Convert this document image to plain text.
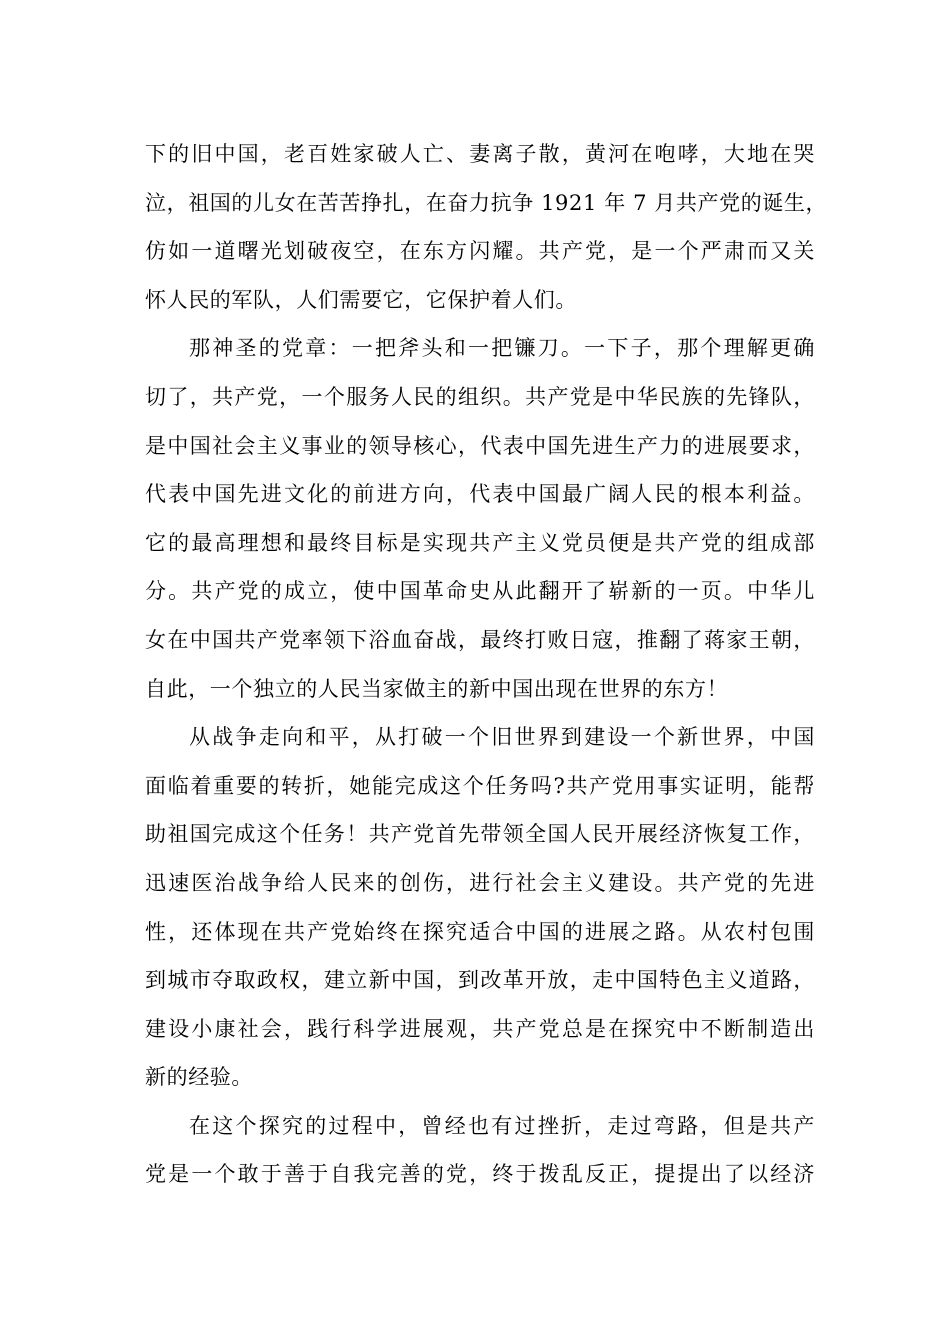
下的旧中国，老百姓家破人亡、妻离子散，黄河在咆哮，大地在哭
泣，祖国的儿女在苦苦挣扎，在奋力抗争 1921 年 7 月共产党的诞生，
仿如一道曙光划破夜空，在东方闪耀。共产党，是一个严肃而又关
怀人民的军队，人们需要它，它保护着人们。
那神圣的党章：一把斧头和一把镰刀。一下子，那个理解更确
切了，共产党，一个服务人民的组织。共产党是中华民族的先锋队，
是中国社会主义事业的领导核心，代表中国先进生产力的进展要求，
代表中国先进文化的前进方向，代表中国最广阔人民的根本利益。
它的最高理想和最终目标是实现共产主义党员便是共产党的组成部
分。共产党的成立，使中国革命史从此翻开了崭新的一页。中华儿
女在中国共产党率领下浴血奋战，最终打败日寇，推翻了蒋家王朝，
自此，一个独立的人民当家做主的新中国出现在世界的东方！
从战争走向和平，从打破一个旧世界到建设一个新世界，中国
面临着重要的转折，她能完成这个任务吗?共产党用事实证明，能帮
助祖国完成这个任务！共产党首先带领全国人民开展经济恢复工作，
迅速医治战争给人民来的创伤，进行社会主义建设。共产党的先进
性，还体现在共产党始终在探究适合中国的进展之路。从农村包围
到城市夺取政权，建立新中国，到改革开放，走中国特色主义道路，
建设小康社会，践行科学进展观，共产党总是在探究中不断制造出
新的经验。
在这个探究的过程中，曾经也有过挫折，走过弯路，但是共产
党是一个敢于善于自我完善的党，终于拨乱反正，提提出了以经济
